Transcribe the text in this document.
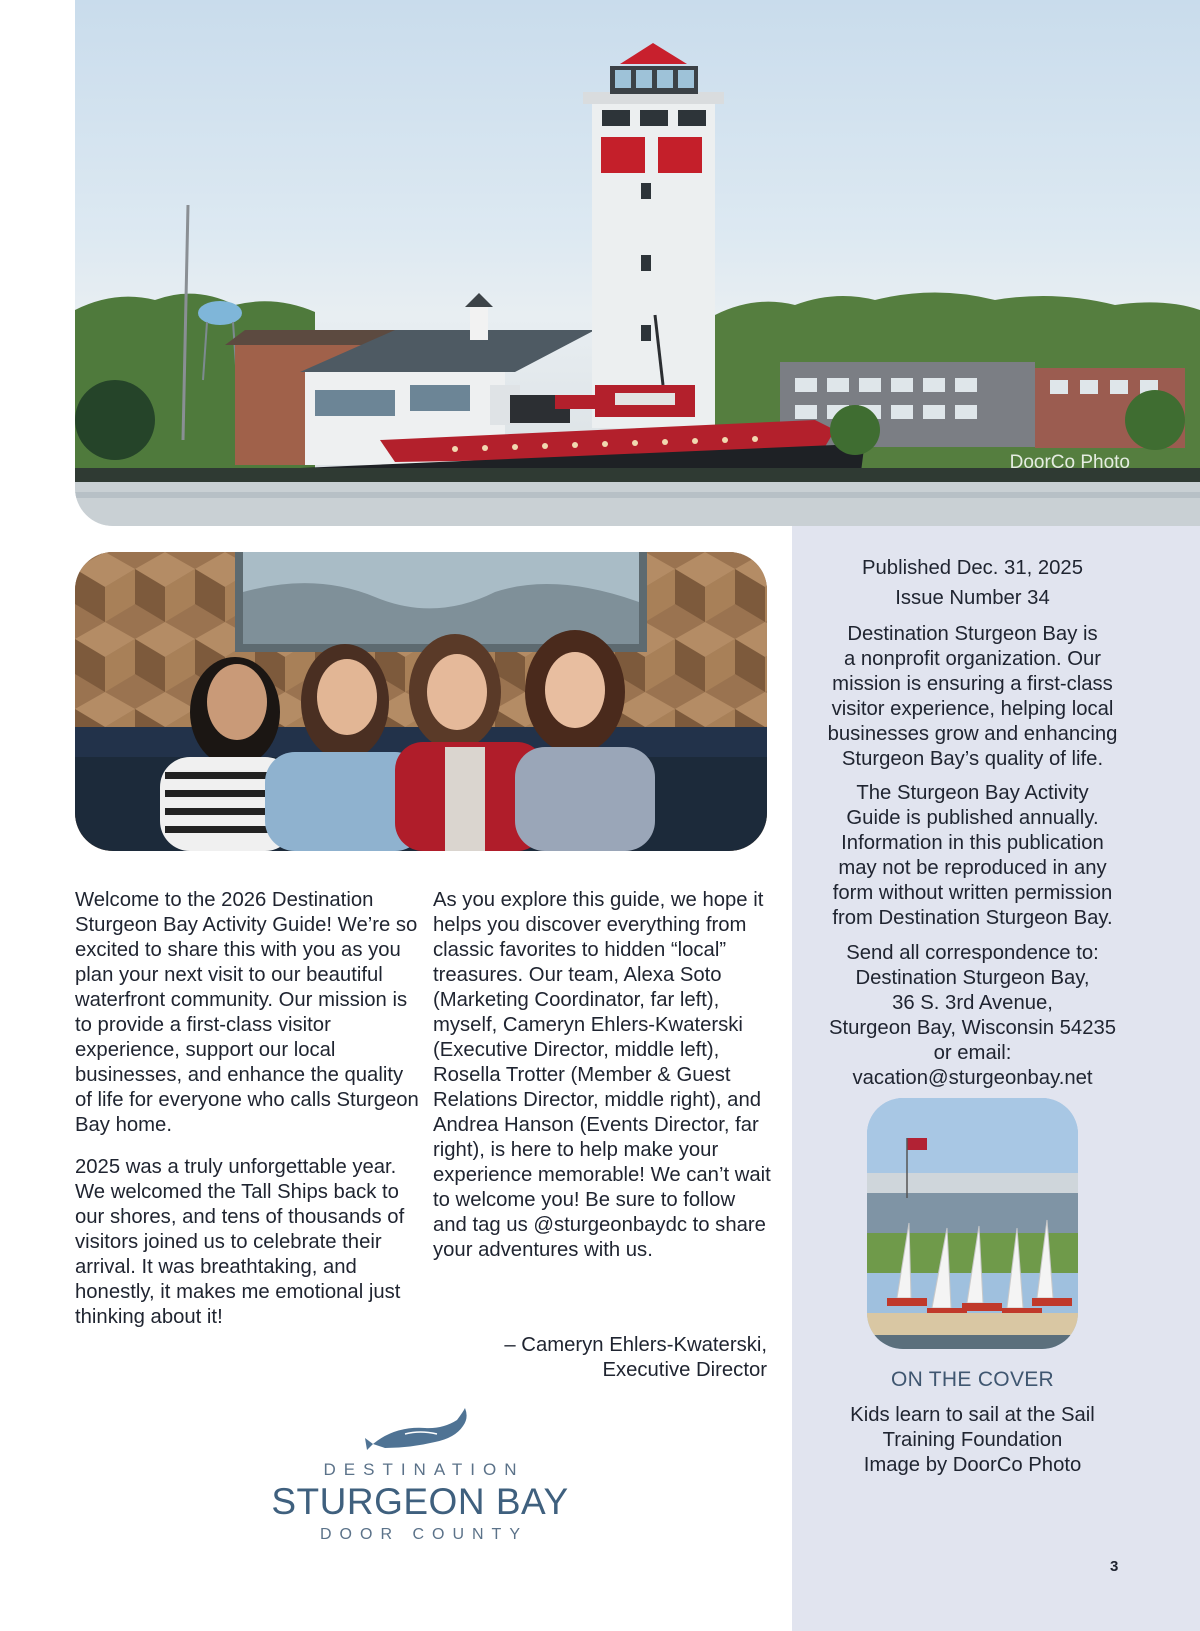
DoorCo Photo

Welcome to the 2026 Destination Sturgeon Bay Activity Guide! We’re so excited to share this with you as you plan your next visit to our beautiful waterfront community. Our mission is to provide a first-class visitor experience, support our local businesses, and enhance the quality of life for everyone who calls Sturgeon Bay home.

2025 was a truly unforgettable year. We welcomed the Tall Ships back to our shores, and tens of thousands of visitors joined us to celebrate their arrival. It was breathtaking, and honestly, it makes me emotional just thinking about it!

As you explore this guide, we hope it helps you discover everything from classic favorites to hidden “local” treasures. Our team, Alexa Soto (Marketing Coordinator, far left), myself, Cameryn Ehlers-Kwaterski (Executive Director, middle left), Rosella Trotter (Member & Guest Relations Director, middle right), and Andrea Hanson (Events Director, far right), is here to help make your experience memorable! We can’t wait to welcome you! Be sure to follow and tag us @sturgeonbaydc to share your adventures with us.

– Cameryn Ehlers-Kwaterski,
Executive Director
DESTINATION
STURGEON BAY
DOOR COUNTY
Published Dec. 31, 2025
Issue Number 34
Destination Sturgeon Bay is
a nonprofit organization. Our
mission is ensuring a first-class
visitor experience, helping local
businesses grow and enhancing
Sturgeon Bay’s quality of life.
The Sturgeon Bay Activity
Guide is published annually.
Information in this publication
may not be reproduced in any
form without written permission
from Destination Sturgeon Bay.
Send all correspondence to:
Destination Sturgeon Bay,
36 S. 3rd Avenue,
Sturgeon Bay, Wisconsin 54235
or email:
vacation@sturgeonbay.net
ON THE COVER
Kids learn to sail at the Sail
Training Foundation
Image by DoorCo Photo
3
